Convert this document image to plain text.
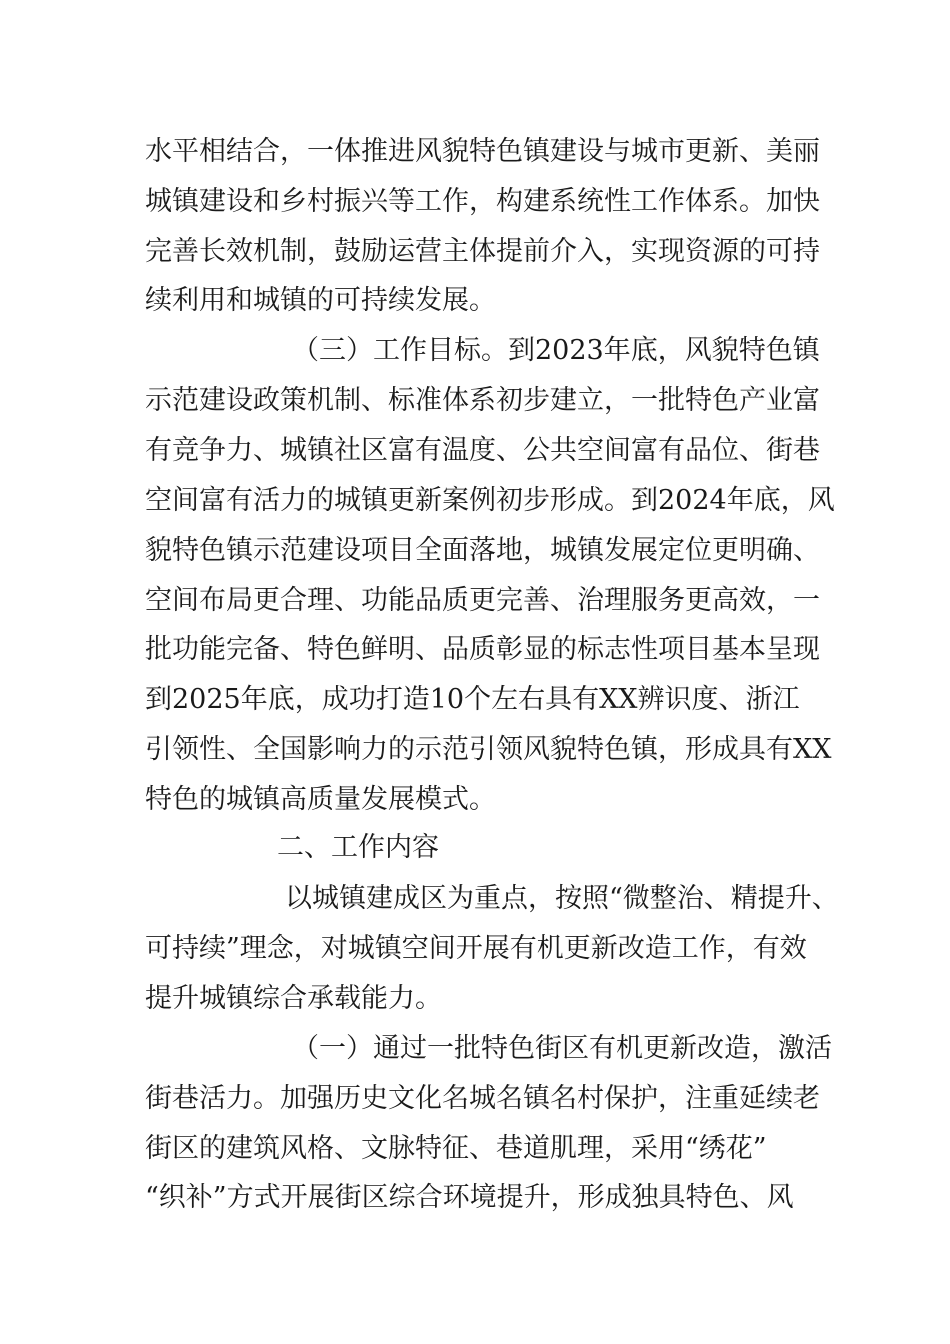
水平相结合，一体推进风貌特色镇建设与城市更新、美丽
城镇建设和乡村振兴等工作，构建系统性工作体系。加快
完善长效机制，鼓励运营主体提前介入，实现资源的可持
续利用和城镇的可持续发展。
（三）工作目标。到2023年底，风貌特色镇
示范建设政策机制、标准体系初步建立，一批特色产业富
有竞争力、城镇社区富有温度、公共空间富有品位、街巷
空间富有活力的城镇更新案例初步形成。到2024年底，风
貌特色镇示范建设项目全面落地，城镇发展定位更明确、
空间布局更合理、功能品质更完善、治理服务更高效，一
批功能完备、特色鲜明、品质彰显的标志性项目基本呈现
到2025年底，成功打造10个左右具有XX辨识度、浙江
引领性、全国影响力的示范引领风貌特色镇，形成具有XX
特色的城镇高质量发展模式。
二、工作内容
以城镇建成区为重点，按照“微整治、精提升、
可持续”理念，对城镇空间开展有机更新改造工作，有效
提升城镇综合承载能力。
（一）通过一批特色街区有机更新改造，激活
街巷活力。加强历史文化名城名镇名村保护，注重延续老
街区的建筑风格、文脉特征、巷道肌理，采用“绣花”
“织补”方式开展街区综合环境提升，形成独具特色、风
